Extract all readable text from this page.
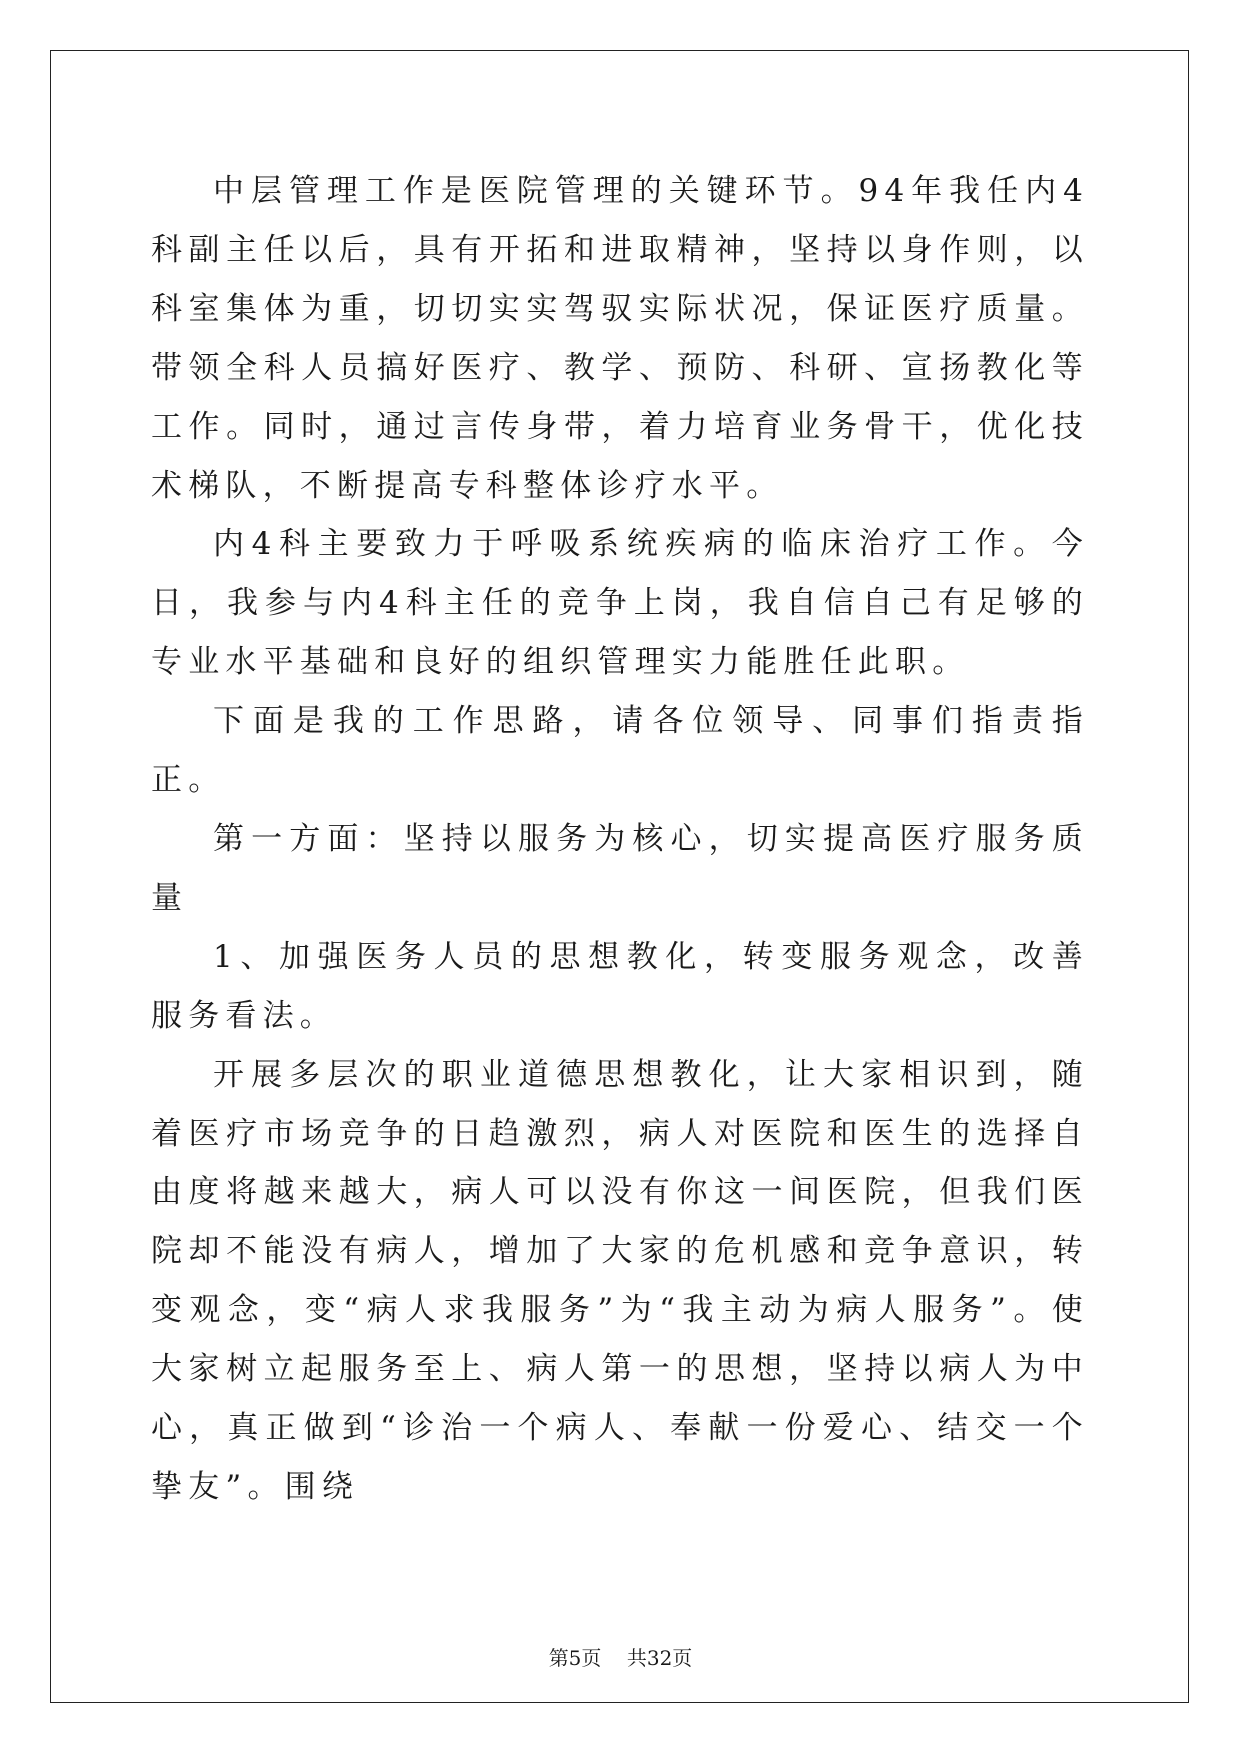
中层管理工作是医院管理的关键环节。94年我任内4科副主任以后，具有开拓和进取精神，坚持以身作则，以科室集体为重，切切实实驾驭实际状况，保证医疗质量。带领全科人员搞好医疗、教学、预防、科研、宣扬教化等工作。同时，通过言传身带，着力培育业务骨干，优化技术梯队，不断提高专科整体诊疗水平。

内4科主要致力于呼吸系统疾病的临床治疗工作。今日，我参与内4科主任的竞争上岗，我自信自己有足够的专业水平基础和良好的组织管理实力能胜任此职。

下面是我的工作思路，请各位领导、同事们指责指正。

第一方面：坚持以服务为核心，切实提高医疗服务质量

1、加强医务人员的思想教化，转变服务观念，改善服务看法。

开展多层次的职业道德思想教化，让大家相识到，随着医疗市场竞争的日趋激烈，病人对医院和医生的选择自由度将越来越大，病人可以没有你这一间医院，但我们医院却不能没有病人，增加了大家的危机感和竞争意识，转变观念，变“病人求我服务”为“我主动为病人服务”。使大家树立起服务至上、病人第一的思想，坚持以病人为中心，真正做到“诊治一个病人、奉献一份爱心、结交一个挚友”。围绕

第5页 共32页
